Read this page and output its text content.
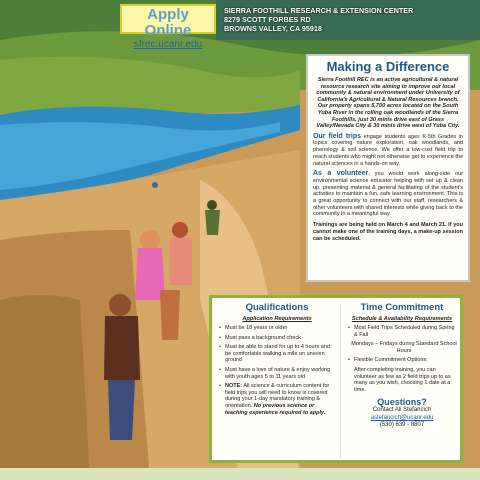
Apply Online
sfrec.ucanr.edu
SIERRA FOOTHILL RESEARCH & EXTENSION CENTER
8279 SCOTT FORBES RD
BROWNS VALLEY, CA 95918
Making a Difference
Sierra Foothill REC is an active agricultural & natural resource research site aiming to improve our local community & natural environment under University of California's Agricultural & Natural Resources branch. Our property spans 5,700 acres located on the South Yuba River in the rolling oak woodlands of the Sierra Foothills, just 30 minis drive east of Grass Valley/Nevada City & 30 minis drive west of Yuba City.

Our field trips engage students ages K-5th Grades in topics covering nature exploration, oak woodlands, and phenology & soil science. We offer a low-cost field trip to reach students who might not otherwise get to experience the natural sciences in a hands-on way.

As a volunteer, you would work along-side our environmental science educator helping with set up & clean up, presenting material & general facilitating of the student's activities to maintain a fun, safe learning environment. This is a great opportunity to connect with our staff, researchers & other volunteers with shared interests while giving back to the community in a meaningful way.

Trainings are being held on March 4 and March 21. If you cannot make one of the training days, a make-up session can be scheduled.

Qualifications
Application Requirements
• Must be 18 years or older
• Must pass a background check
• Must be able to stand for up to 4 hours and be comfortable walking a mile on uneven ground
• Must have a love of nature & enjoy working with youth ages 5 to 11 years old
• NOTE: All science & curriculum content for field trips you will need to know is covered during your 1-day mandatory training & orientation. No previous science or teaching experience required to apply.
Time Commitment
Schedule & Availability Requirements
• Most Field Trips Scheduled during Spring & Fall
Mondays – Fridays during Standard School Hours
• Flexible Commitment Options:
After completing training, you can volunteer as few as 2 field trips up to as many as you wish, choosing 1 date at a time.
Questions?
Contact Ali Stefancich
astefancich@ucanr.edu
(530) 639 - 8807
